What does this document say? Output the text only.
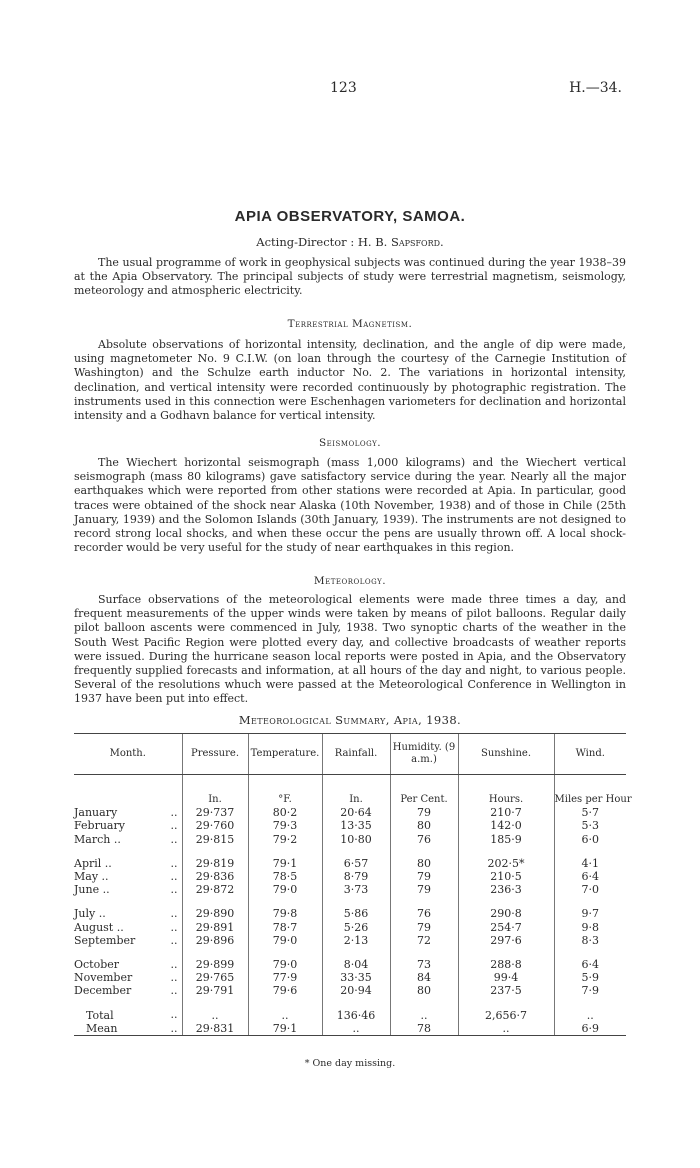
123	H.—34.
APIA OBSERVATORY, SAMOA.
Acting-Director : H. B. Sapsford.

The usual programme of work in geophysical subjects was continued during the year 1938–39 at the Apia Observatory. The principal subjects of study were terrestrial magnetism, seismology, meteorology and atmospheric electricity.

Terrestrial Magnetism.

Absolute observations of horizontal intensity, declination, and the angle of dip were made, using magnetometer No. 9 C.I.W. (on loan through the courtesy of the Carnegie Institution of Washington) and the Schulze earth inductor No. 2. The variations in horizontal intensity, declination, and vertical intensity were recorded continuously by photographic registration. The instruments used in this connection were Eschenhagen variometers for declination and horizontal intensity and a Godhavn balance for vertical intensity.

Seismology.

The Wiechert horizontal seismograph (mass 1,000 kilograms) and the Wiechert vertical seismograph (mass 80 kilograms) gave satisfactory service during the year. Nearly all the major earthquakes which were reported from other stations were recorded at Apia. In particular, good traces were obtained of the shock near Alaska (10th November, 1938) and of those in Chile (25th January, 1939) and the Solomon Islands (30th January, 1939). The instruments are not designed to record strong local shocks, and when these occur the pens are usually thrown off. A local shock-recorder would be very useful for the study of near earthquakes in this region.

Meteorology.

Surface observations of the meteorological elements were made three times a day, and frequent measurements of the upper winds were taken by means of pilot balloons. Regular daily pilot balloon ascents were commenced in July, 1938. Two synoptic charts of the weather in the South West Pacific Region were plotted every day, and collective broadcasts of weather reports were issued. During the hurricane season local reports were posted in Apia, and the Observatory frequently supplied forecasts and information, at all hours of the day and night, to various people. Several of the resolutions whuch were passed at the Meteorological Conference in Wellington in 1937 have been put into effect.

Meteorological Summary, Apia, 1938.
Month.	Pressure.	Temperature.	Rainfall.	Humidity. (9 a.m.)	Sunshine.	Wind.
	In.	°F.	In.	Per Cent.	Hours.	Miles per Hour
January ..	29·737	80·2	20·64	79	210·7	5·7
February ..	29·760	79·3	13·35	80	142·0	5·3
March .. ..	29·815	79·2	10·80	76	185·9	6·0

April .. ..	29·819	79·1	6·57	80	202·5*	4·1
May .. ..	29·836	78·5	8·79	79	210·5	6·4
June .. ..	29·872	79·0	3·73	79	236·3	7·0

July .. ..	29·890	79·8	5·86	76	290·8	9·7
August .. ..	29·891	78·7	5·26	79	254·7	9·8
September ..	29·896	79·0	2·13	72	297·6	8·3

October ..	29·899	79·0	8·04	73	288·8	6·4
November ..	29·765	77·9	33·35	84	99·4	5·9
December ..	29·791	79·6	20·94	80	237·5	7·9

Total ..	..	..	136·46	..	2,656·7	..
Mean ..	29·831	79·1	..	78	..	6·9
* One day missing.
